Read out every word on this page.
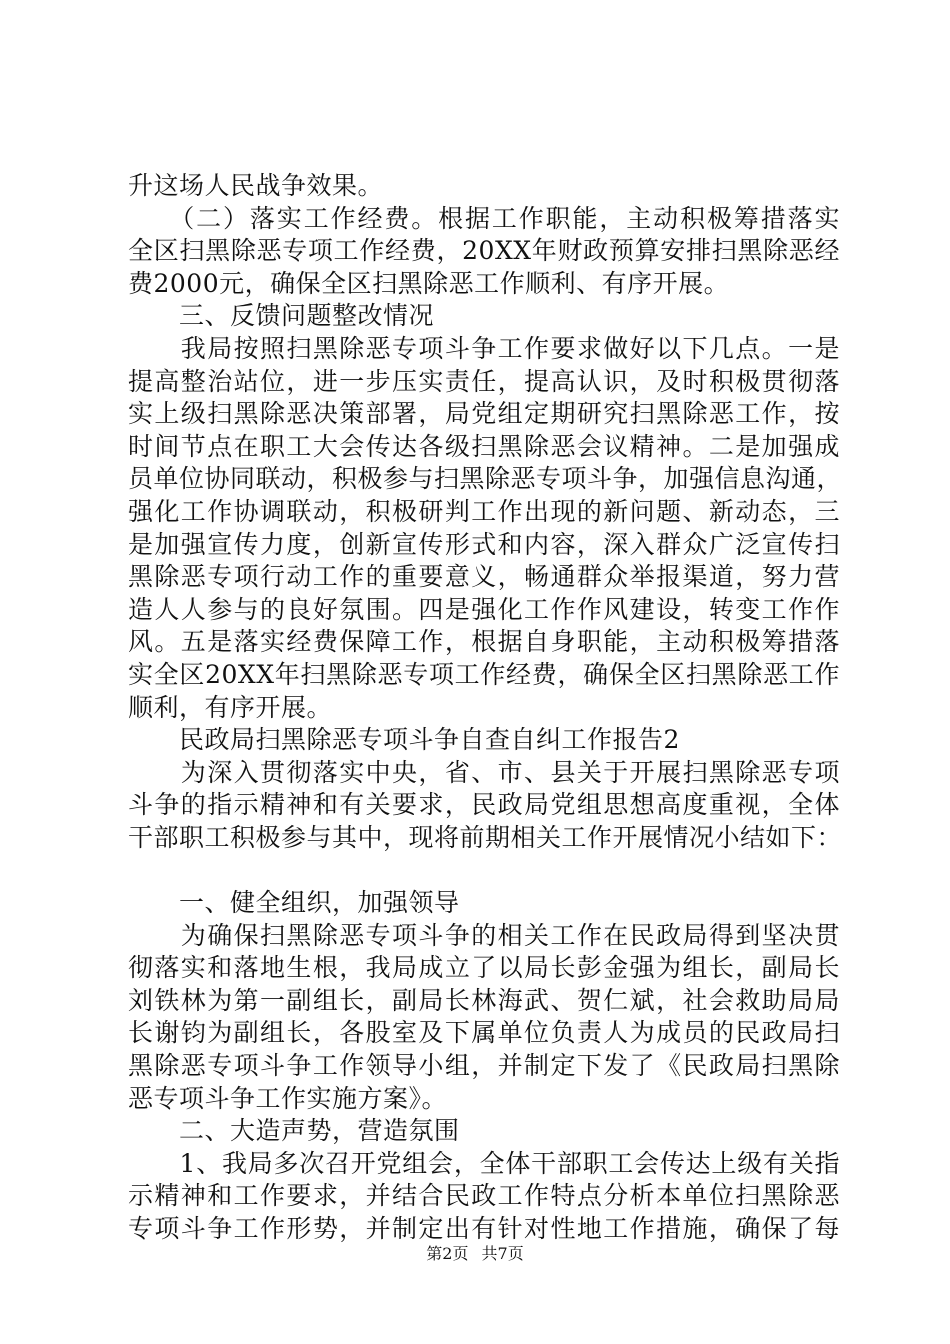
升这场人民战争效果。
　　（二）落实工作经费。根据工作职能，主动积极筹措落实
全区扫黑除恶专项工作经费，20XX年财政预算安排扫黑除恶经
费2000元，确保全区扫黑除恶工作顺利、有序开展。
　　三、反馈问题整改情况
　　我局按照扫黑除恶专项斗争工作要求做好以下几点。一是
提高整治站位，进一步压实责任，提高认识，及时积极贯彻落
实上级扫黑除恶决策部署，局党组定期研究扫黑除恶工作，按
时间节点在职工大会传达各级扫黑除恶会议精神。二是加强成
员单位协同联动，积极参与扫黑除恶专项斗争，加强信息沟通，
强化工作协调联动，积极研判工作出现的新问题、新动态，三
是加强宣传力度，创新宣传形式和内容，深入群众广泛宣传扫
黑除恶专项行动工作的重要意义，畅通群众举报渠道，努力营
造人人参与的良好氛围。四是强化工作作风建设，转变工作作
风。五是落实经费保障工作，根据自身职能，主动积极筹措落
实全区20XX年扫黑除恶专项工作经费，确保全区扫黑除恶工作
顺利，有序开展。
　　民政局扫黑除恶专项斗争自查自纠工作报告2
　　为深入贯彻落实中央，省、市、县关于开展扫黑除恶专项
斗争的指示精神和有关要求，民政局党组思想高度重视，全体
干部职工积极参与其中，现将前期相关工作开展情况小结如下：
　　一、健全组织，加强领导
　　为确保扫黑除恶专项斗争的相关工作在民政局得到坚决贯
彻落实和落地生根，我局成立了以局长彭金强为组长，副局长
刘铁林为第一副组长，副局长林海武、贺仁斌，社会救助局局
长谢钧为副组长，各股室及下属单位负责人为成员的民政局扫
黑除恶专项斗争工作领导小组，并制定下发了《民政局扫黑除
恶专项斗争工作实施方案》。
　　二、大造声势，营造氛围
　　1、我局多次召开党组会，全体干部职工会传达上级有关指
示精神和工作要求，并结合民政工作特点分析本单位扫黑除恶
专项斗争工作形势，并制定出有针对性地工作措施，确保了每
第2页 共7页
